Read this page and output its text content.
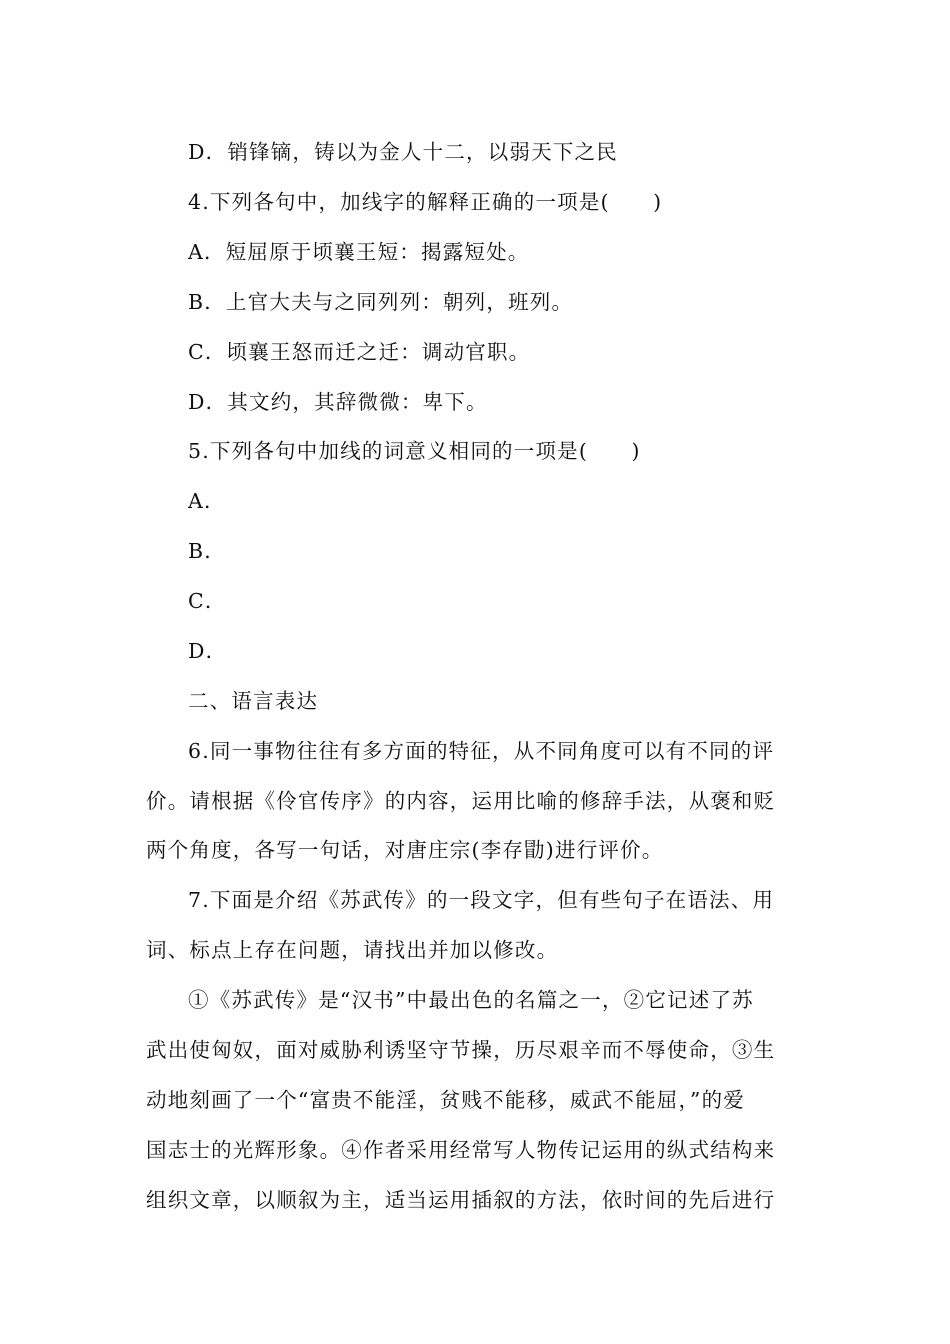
D．销锋镝，铸以为金人十二，以弱天下之民
4.下列各句中，加线字的解释正确的一项是(　　)
A．短屈原于顷襄王短：揭露短处。
B．上官大夫与之同列列：朝列，班列。
C．顷襄王怒而迁之迁：调动官职。
D．其文约，其辞微微：卑下。
5.下列各句中加线的词意义相同的一项是(　　)
A．
B．
C．
D．
二、语言表达
6.同一事物往往有多方面的特征，从不同角度可以有不同的评
价。请根据《伶官传序》的内容，运用比喻的修辞手法，从褒和贬
两个角度，各写一句话，对唐庄宗(李存勖)进行评价。
7.下面是介绍《苏武传》的一段文字，但有些句子在语法、用
词、标点上存在问题，请找出并加以修改。
①《苏武传》是“汉书”中最出色的名篇之一，②它记述了苏
武出使匈奴，面对威胁利诱坚守节操，历尽艰辛而不辱使命，③生
动地刻画了一个“富贵不能淫，贫贱不能移，威武不能屈，”的爱
国志士的光辉形象。④作者采用经常写人物传记运用的纵式结构来
组织文章，以顺叙为主，适当运用插叙的方法，依时间的先后进行
